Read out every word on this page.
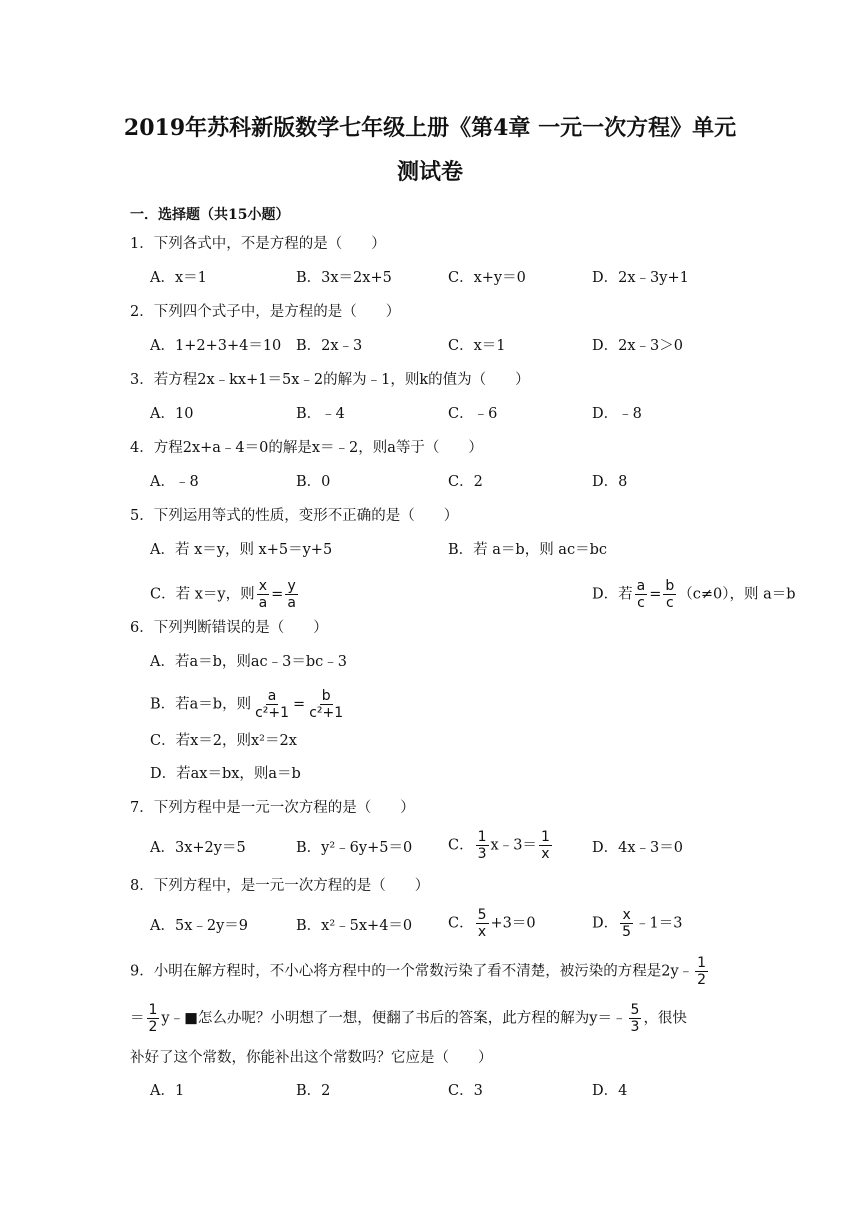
2019年苏科新版数学七年级上册《第4章 一元一次方程》单元
测试卷
一．选择题（共15小题）
1．下列各式中，不是方程的是（　　）
A．x＝1	B．3x＝2x+5	C．x+y＝0	D．2x﹣3y+1
2．下列四个式子中，是方程的是（　　）
A．1+2+3+4＝10 B．2x﹣3	C．x＝1	D．2x﹣3＞0
3．若方程2x﹣kx+1＝5x﹣2的解为﹣1，则k的值为（　　）
A．10	B．﹣4	C．﹣6	D．﹣8
4．方程2x+a﹣4＝0的解是x＝﹣2，则a等于（　　）
A．﹣8	B．0	C．2	D．8
5．下列运用等式的性质，变形不正确的是（　　）
A．若 x＝y，则 x+5＝y+5	B．若 a＝b，则 ac＝bc
C．若 x＝y，则 $\frac{x}{a} = \frac{y}{a}$	D．若 $\frac{a}{c} = \frac{b}{c} (c\ne 0)$，则 a＝b
6．下列判断错误的是（　　）
A．若a＝b，则ac﹣3＝bc﹣3
B．若a＝b，则 $\frac{a}{\text{c²+1}} = \frac{b}{\text{c²+1}}$
C．若x＝2，则x²＝2x
D．若ax＝bx，则a＝b
7．下列方程中是一元一次方程的是（　　）
A．3x+2y＝5	B．y²﹣6y+5＝0 C． $\frac{1}{3}$ x﹣3＝ $\frac{1}{x}$	D．4x﹣3＝0
8．下列方程中，是一元一次方程的是（　　）
A．5x﹣2y＝9	B．x²﹣5x+4＝0 C． $\frac{5}{x} +3=0$	D． $\frac{x}{5}$ ﹣1＝3
9．小明在解方程时，不小心将方程中的一个常数污染了看不清楚，被污染的方程是2y﹣ $\frac{1}{2}$
＝ $\frac{1}{2}$ y﹣■怎么办呢？小明想了一想，便翻了书后的答案，此方程的解为y＝﹣ $\frac{5}{3}$ ，很快
补好了这个常数，你能补出这个常数吗？它应是（　　）
A．1	B．2	C．3	D．4
